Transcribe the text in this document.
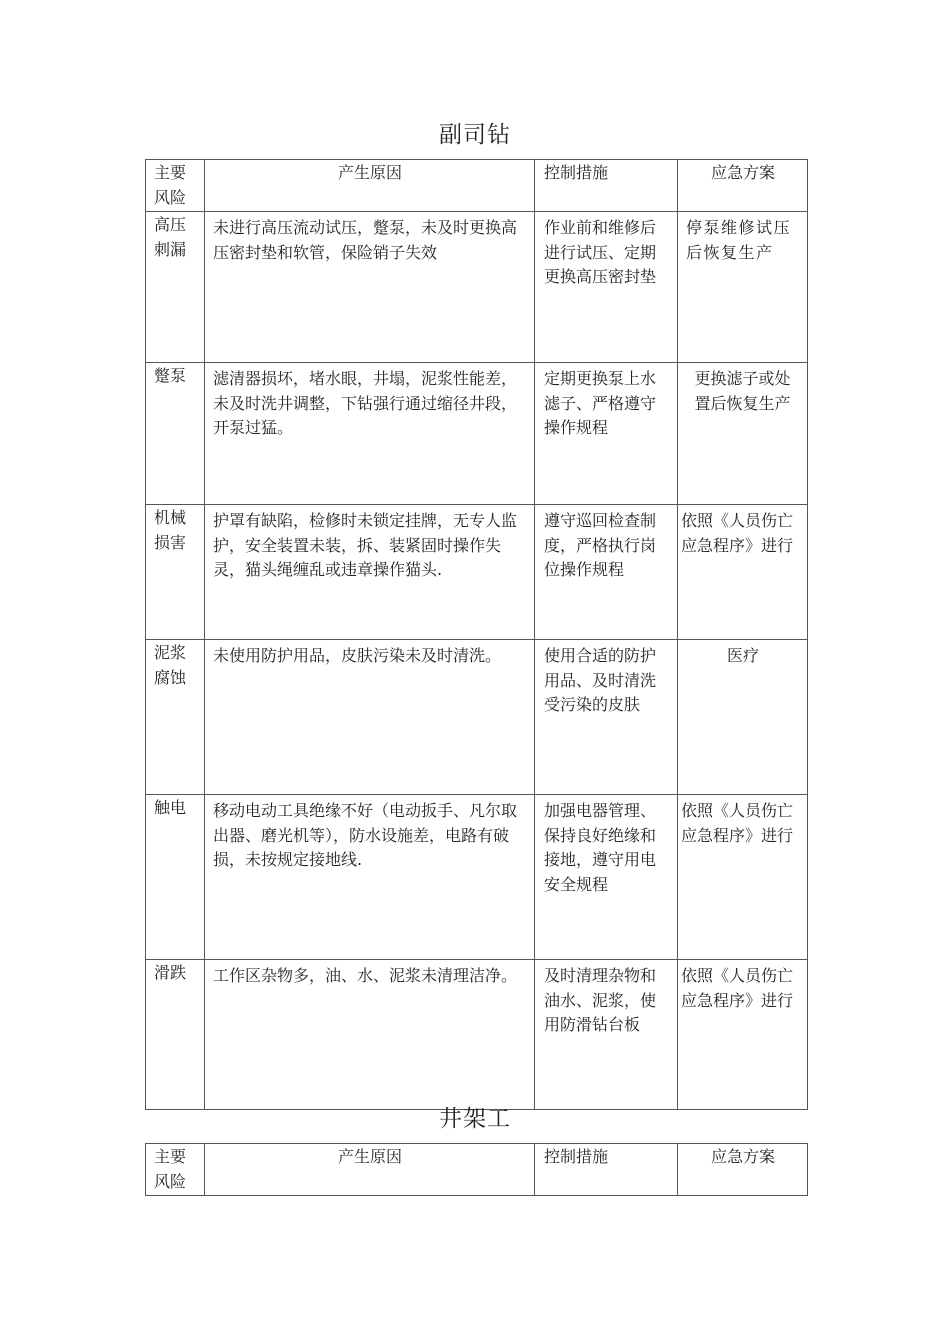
副司钻
主要风险	产生原因	控制措施	应急方案
高压刺漏	未进行高压流动试压，蹩泵，未及时更换高压密封垫和软管，保险销子失效	作业前和维修后进行试压、定期更换高压密封垫	停泵维修试压后恢复生产
蹩泵	滤清器损坏，堵水眼，井塌，泥浆性能差，未及时洗井调整，下钻强行通过缩径井段，开泵过猛。	定期更换泵上水滤子、严格遵守操作规程	更换滤子或处置后恢复生产
机械损害	护罩有缺陷，检修时未锁定挂牌，无专人监护，安全装置未装，拆、装紧固时操作失灵，猫头绳缠乱或违章操作猫头.	遵守巡回检查制度，严格执行岗位操作规程	依照《人员伤亡应急程序》进行
泥浆腐蚀	未使用防护用品，皮肤污染未及时清洗。	使用合适的防护用品、及时清洗受污染的皮肤	医疗
触电	移动电动工具绝缘不好（电动扳手、凡尔取出器、磨光机等），防水设施差，电路有破损，未按规定接地线.	加强电器管理、保持良好绝缘和接地，遵守用电安全规程	依照《人员伤亡应急程序》进行
滑跌	工作区杂物多，油、水、泥浆未清理洁净。	及时清理杂物和油水、泥浆，使用防滑钻台板	依照《人员伤亡应急程序》进行
井架工
主要风险	产生原因	控制措施	应急方案
